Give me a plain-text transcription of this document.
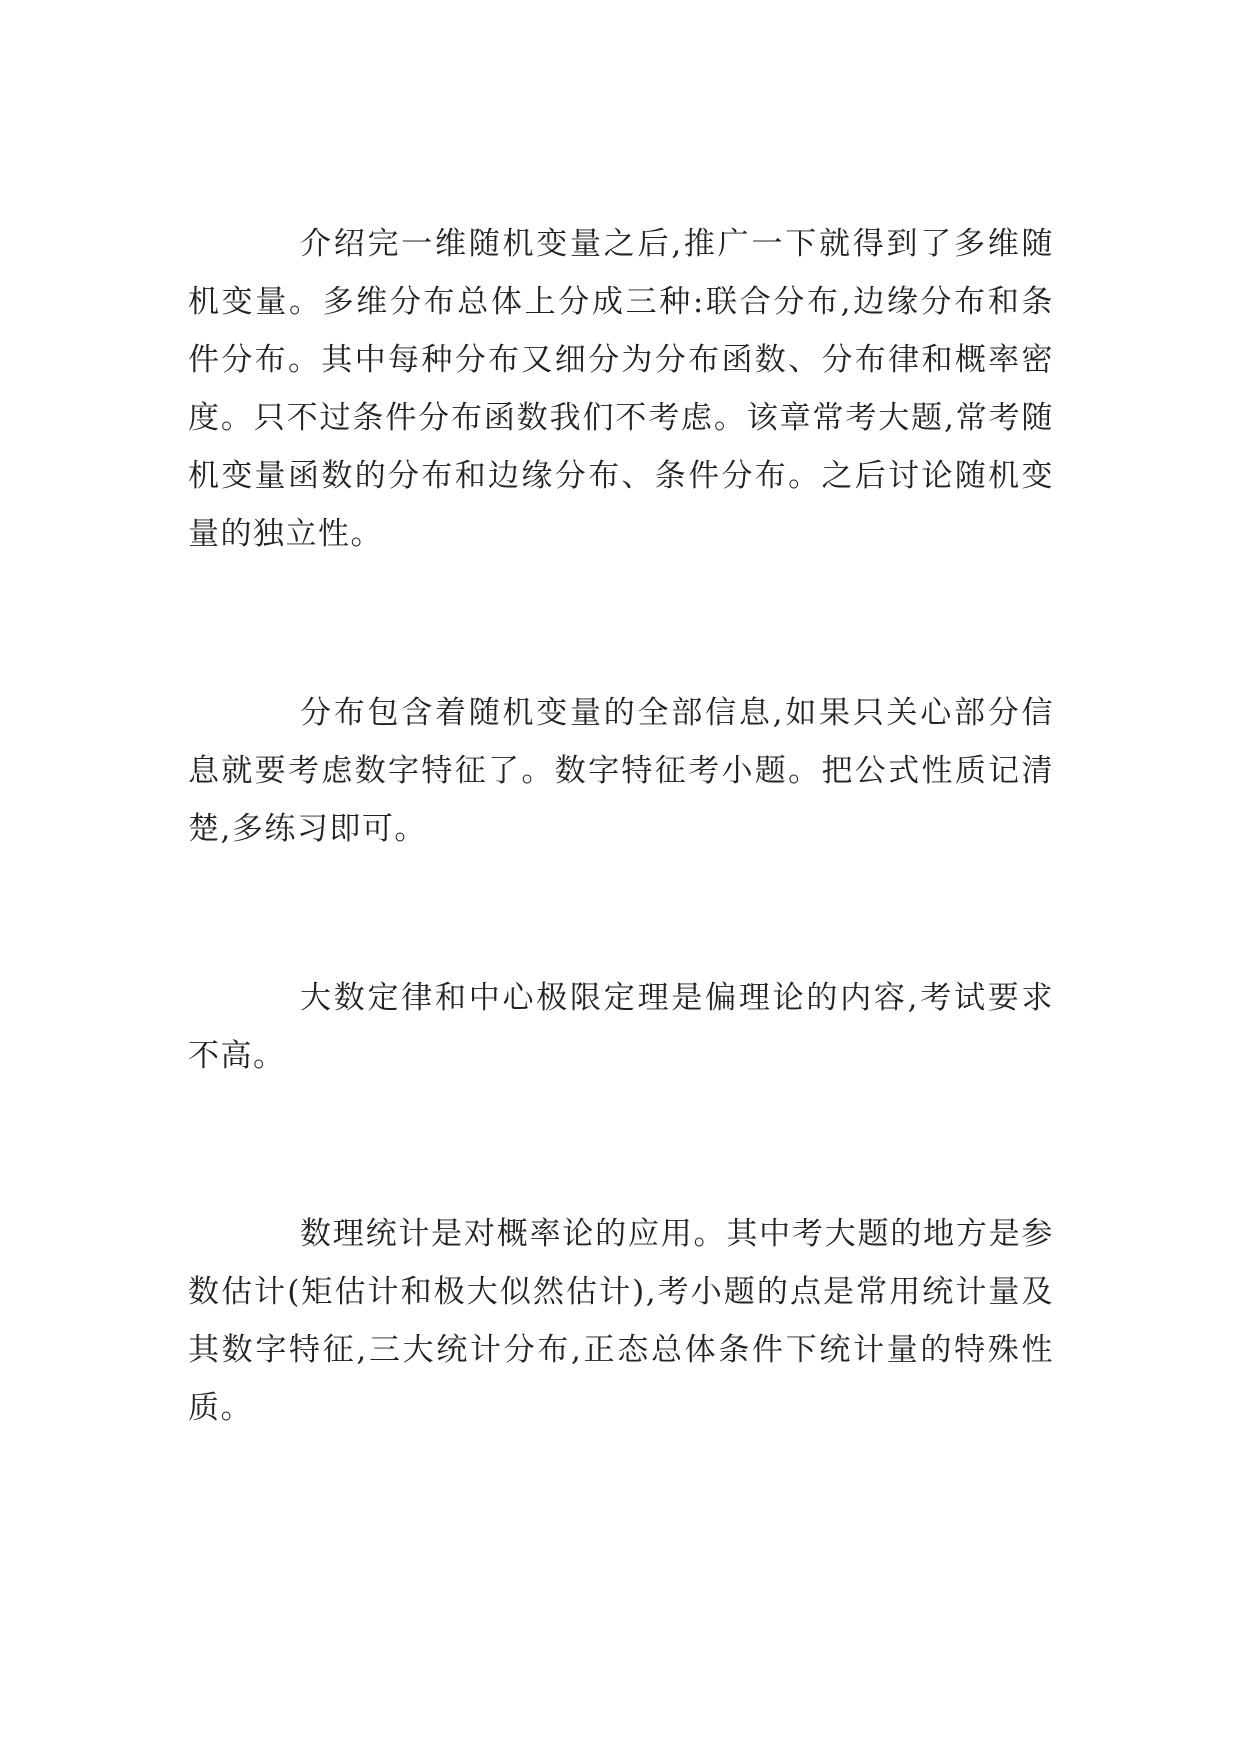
介绍完一维随机变量之后,推广一下就得到了多维随机变量。多维分布总体上分成三种:联合分布,边缘分布和条件分布。其中每种分布又细分为分布函数、分布律和概率密度。只不过条件分布函数我们不考虑。该章常考大题,常考随机变量函数的分布和边缘分布、条件分布。之后讨论随机变量的独立性。

分布包含着随机变量的全部信息,如果只关心部分信息就要考虑数字特征了。数字特征考小题。把公式性质记清楚,多练习即可。

大数定律和中心极限定理是偏理论的内容,考试要求不高。

数理统计是对概率论的应用。其中考大题的地方是参数估计(矩估计和极大似然估计),考小题的点是常用统计量及其数字特征,三大统计分布,正态总体条件下统计量的特殊性质。
